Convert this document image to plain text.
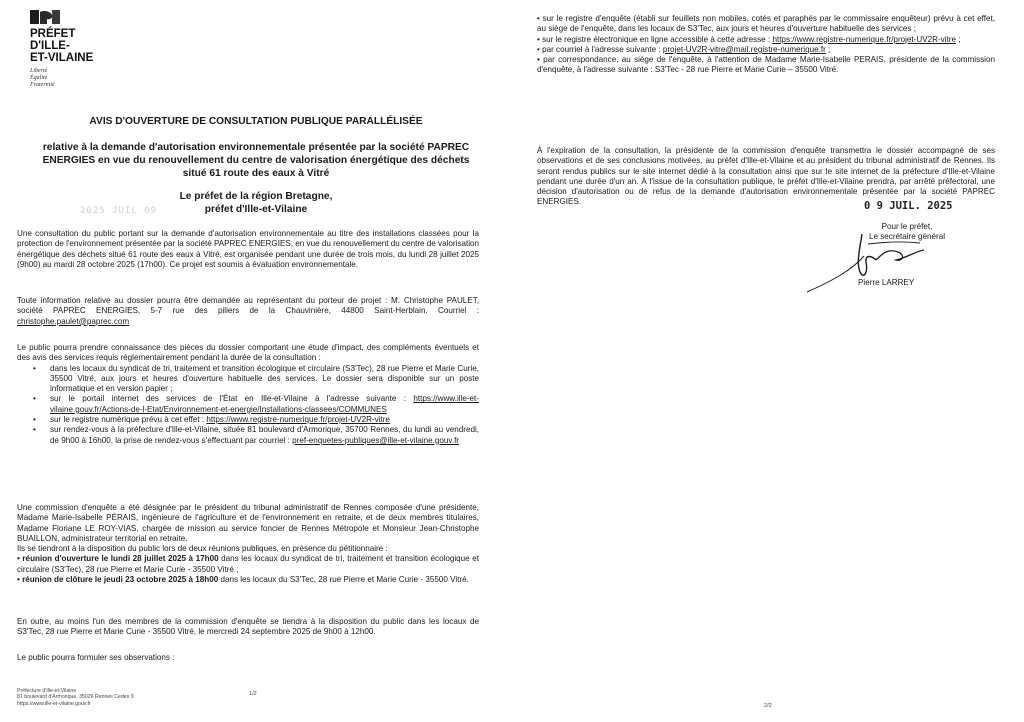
PRÉFET
D'ILLE-
ET-VILAINE
Liberté
Égalité
Fraternité
AVIS D'OUVERTURE DE CONSULTATION PUBLIQUE PARALLÉLISÉE
relative à la demande d'autorisation environnementale présentée par la société PAPREC ENERGIES en vue du renouvellement du centre de valorisation énergétique des déchets situé 61 route des eaux à Vitré
Le préfet de la région Bretagne,
préfet d'Ille-et-Vilaine
2025 JUIL 09
Une consultation du public portant sur la demande d'autorisation environnementale au titre des installations classées pour la protection de l'environnement présentée par la société PAPREC ENERGIES, en vue du renouvellement du centre de valorisation énergétique des déchets situé 61 route des eaux à Vitré, est organisée pendant une durée de trois mois, du lundi 28 juillet 2025 (9h00) au mardi 28 octobre 2025 (17h00). Ce projet est soumis à évaluation environnementale.
Toute information relative au dossier pourra être demandée au représentant du porteur de projet : M. Christophe PAULET, société PAPREC ENERGIES, 5-7 rue des piliers de la Chauvinière, 44800 Saint-Herblain. Courriel : christophe.paulet@paprec.com
Le public pourra prendre connaissance des pièces du dossier comportant une étude d'impact, des compléments éventuels et des avis des services requis réglementairement pendant la durée de la consultation :
• dans les locaux du syndicat de tri, traitement et transition écologique et circulaire (S3'Tec), 28 rue Pierre et Marie Curie, 35500 Vitré, aux jours et heures d'ouverture habituelle des services. Le dossier sera disponible sur un poste informatique et en version papier ;
• sur le portail internet des services de l'État en Ille-et-Vilaine à l'adresse suivante : https://www.ille-et-vilaine.gouv.fr/Actions-de-l-Etat/Environnement-et-energie/Installations-classees/COMMUNES
• sur le registre numérique prévu à cet effet : https://www.registre-numerique.fr/projet-UV2R-vitre
• sur rendez-vous à la préfecture d'Ille-et-Vilaine, située 81 boulevard d'Armorique, 35700 Rennes, du lundi au vendredi, de 9h00 à 16h00, la prise de rendez-vous s'effectuant par courriel : pref-enquetes-publiques@ille-et-vilaine.gouv.fr
Une commission d'enquête a été désignée par le président du tribunal administratif de Rennes composée d'une présidente, Madame Marie-Isabelle PÉRAIS, ingénieure de l'agriculture et de l'environnement en retraite, et de deux membres titulaires, Madame Floriane LE ROY-VIAS, chargée de mission au service foncier de Rennes Métropole et Monsieur Jean-Christophe BUAILLON, administrateur territorial en retraite.
Ils se tiendront à la disposition du public lors de deux réunions publiques, en présence du pétitionnaire :
• réunion d'ouverture le lundi 28 juillet 2025 à 17h00 dans les locaux du syndicat de tri, traitement et transition écologique et circulaire (S3'Tec), 28 rue Pierre et Marie Curie - 35500 Vitré ;
• réunion de clôture le jeudi 23 octobre 2025 à 18h00 dans les locaux du S3'Tec, 28 rue Pierre et Marie Curie - 35500 Vitré.
En outre, au moins l'un des membres de la commission d'enquête se tiendra à la disposition du public dans les locaux de S3'Tec, 28 rue Pierre et Marie Curie - 35500 Vitré, le mercredi 24 septembre 2025 de 9h00 à 12h00.
Le public pourra formuler ses observations :
Préfecture d'Ille-et-Vilaine
81 boulevard d'Armorique, 35026 Rennes Cedex 9
https://www.ille-et-vilaine.gouv.fr
1/2
• sur le registre d'enquête (établi sur feuillets non mobiles, cotés et paraphés par le commissaire enquêteur) prévu à cet effet, au siège de l'enquête, dans les locaux de S3'Tec, aux jours et heures d'ouverture habituelle des services ;
• sur le registre électronique en ligne accessible à cette adresse : https://www.registre-numerique.fr/projet-UV2R-vitre ;
• par courriel à l'adresse suivante : projet-UV2R-vitre@mail.registre-numerique.fr ;
• par correspondance, au siège de l'enquête, à l'attention de Madame Marie-Isabelle PERAIS, présidente de la commission d'enquête, à l'adresse suivante : S3'Tec - 28 rue Pierre et Marie Curie – 35500 Vitré.
À l'expiration de la consultation, la présidente de la commission d'enquête transmettra le dossier accompagné de ses observations et de ses conclusions motivées, au préfet d'Ille-et-Vilaine et au président du tribunal administratif de Rennes. Ils seront rendus publics sur le site internet dédié à la consultation ainsi que sur le site internet de la préfecture d'Ille-et-Vilaine pendant une durée d'un an. À l'issue de la consultation publique, le préfet d'Ille-et-Vilaine prendra, par arrêté préfectoral, une décision d'autorisation ou de refus de la demande d'autorisation environnementale présentée par la société PAPREC ENERGIES.	0 9 JUIL. 2025
Pour le préfet,
Le secrétaire général
Pierre LARREY
2/2
